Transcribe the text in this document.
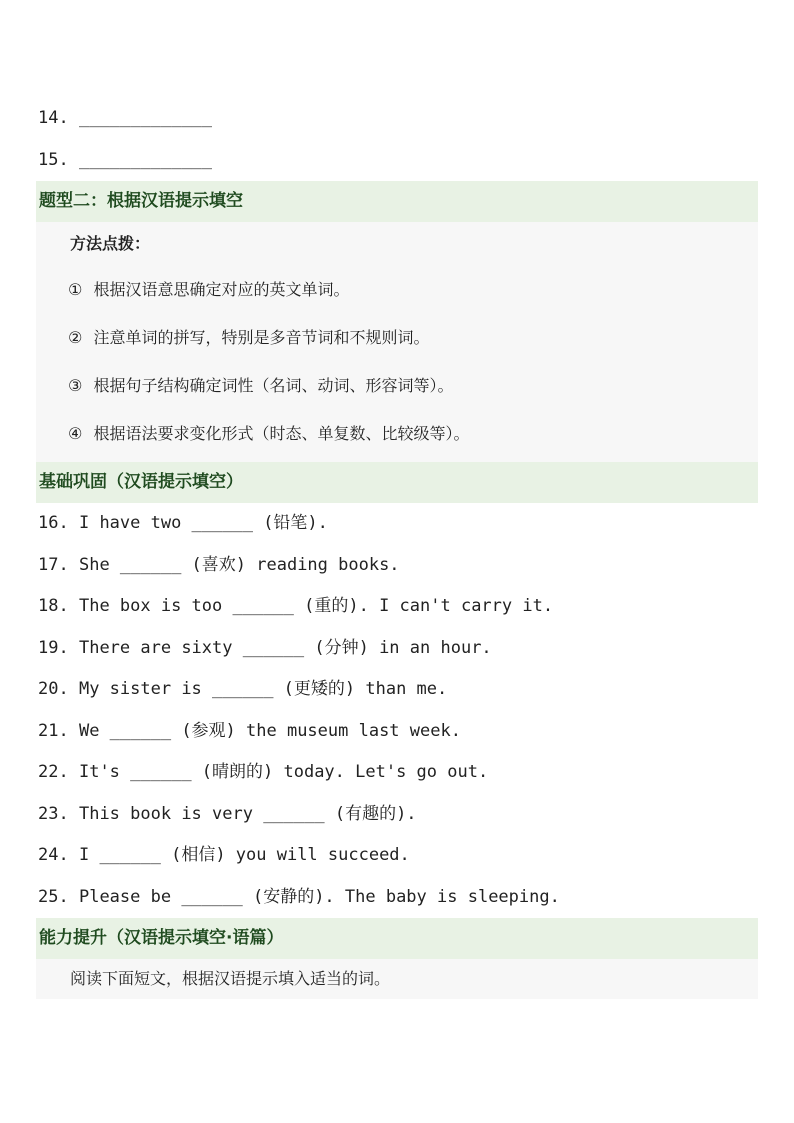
14. _____________
15. _____________
题型二：根据汉语提示填空
方法点拨：
① 根据汉语意思确定对应的英文单词。
② 注意单词的拼写，特别是多音节词和不规则词。
③ 根据句子结构确定词性（名词、动词、形容词等）。
④ 根据语法要求变化形式（时态、单复数、比较级等）。
基础巩固（汉语提示填空）
16. I have two ______ (铅笔).
17. She ______ (喜欢) reading books.
18. The box is too ______ (重的). I can't carry it.
19. There are sixty ______ (分钟) in an hour.
20. My sister is ______ (更矮的) than me.
21. We ______ (参观) the museum last week.
22. It's ______ (晴朗的) today. Let's go out.
23. This book is very ______ (有趣的).
24. I ______ (相信) you will succeed.
25. Please be ______ (安静的). The baby is sleeping.
能力提升（汉语提示填空·语篇）
阅读下面短文，根据汉语提示填入适当的词。
